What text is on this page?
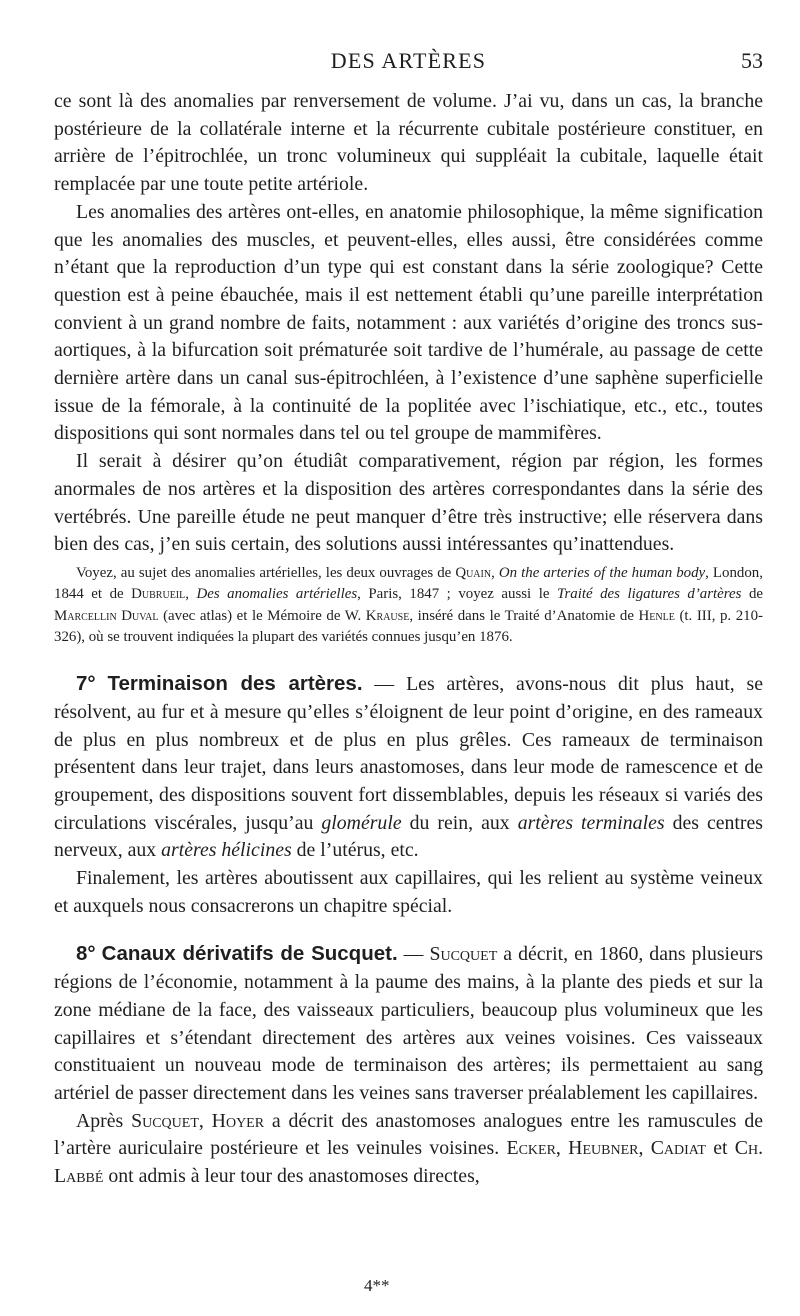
DES ARTÈRES	53

ce sont là des anomalies par renversement de volume. J’ai vu, dans un cas, la branche postérieure de la collatérale interne et la récurrente cubitale postérieure constituer, en arrière de l’épitrochlée, un tronc volumineux qui suppléait la cubitale, laquelle était remplacée par une toute petite artériole.

Les anomalies des artères ont-elles, en anatomie philosophique, la même signification que les anomalies des muscles, et peuvent-elles, elles aussi, être considérées comme n’étant que la reproduction d’un type qui est constant dans la série zoologique? Cette question est à peine ébauchée, mais il est nettement établi qu’une pareille interprétation convient à un grand nombre de faits, notamment : aux variétés d’origine des troncs sus-aortiques, à la bifurcation soit prématurée soit tardive de l’humérale, au passage de cette dernière artère dans un canal sus-épitrochléen, à l’existence d’une saphène superficielle issue de la fémorale, à la continuité de la poplitée avec l’ischiatique, etc., etc., toutes dispositions qui sont normales dans tel ou tel groupe de mammifères.

Il serait à désirer qu’on étudiât comparativement, région par région, les formes anormales de nos artères et la disposition des artères correspondantes dans la série des vertébrés. Une pareille étude ne peut manquer d’être très instructive; elle réservera dans bien des cas, j’en suis certain, des solutions aussi intéressantes qu’inattendues.

Voyez, au sujet des anomalies artérielles, les deux ouvrages de Quain, On the arteries of the human body, London, 1844 et de Dubrueil, Des anomalies artérielles, Paris, 1847 ; voyez aussi le Traité des ligatures d’artères de Marcellin Duval (avec atlas) et le Mémoire de W. Krause, inséré dans le Traité d’Anatomie de Henle (t. III, p. 210-326), où se trouvent indiquées la plupart des variétés connues jusqu’en 1876.

7° Terminaison des artères. — Les artères, avons-nous dit plus haut, se résolvent, au fur et à mesure qu’elles s’éloignent de leur point d’origine, en des rameaux de plus en plus nombreux et de plus en plus grêles. Ces rameaux de terminaison présentent dans leur trajet, dans leurs anastomoses, dans leur mode de ramescence et de groupement, des dispositions souvent fort dissemblables, depuis les réseaux si variés des circulations viscérales, jusqu’au glomérule du rein, aux artères terminales des centres nerveux, aux artères hélicines de l’utérus, etc.

Finalement, les artères aboutissent aux capillaires, qui les relient au système veineux et auxquels nous consacrerons un chapitre spécial.

8° Canaux dérivatifs de Sucquet. — Sucquet a décrit, en 1860, dans plusieurs régions de l’économie, notamment à la paume des mains, à la plante des pieds et sur la zone médiane de la face, des vaisseaux particuliers, beaucoup plus volumineux que les capillaires et s’étendant directement des artères aux veines voisines. Ces vaisseaux constituaient un nouveau mode de terminaison des artères; ils permettaient au sang artériel de passer directement dans les veines sans traverser préalablement les capillaires.

Après Sucquet, Hoyer a décrit des anastomoses analogues entre les ramuscules de l’artère auriculaire postérieure et les veinules voisines. Ecker, Heubner, Cadiat et Ch. Labbé ont admis à leur tour des anastomoses directes,

4**
